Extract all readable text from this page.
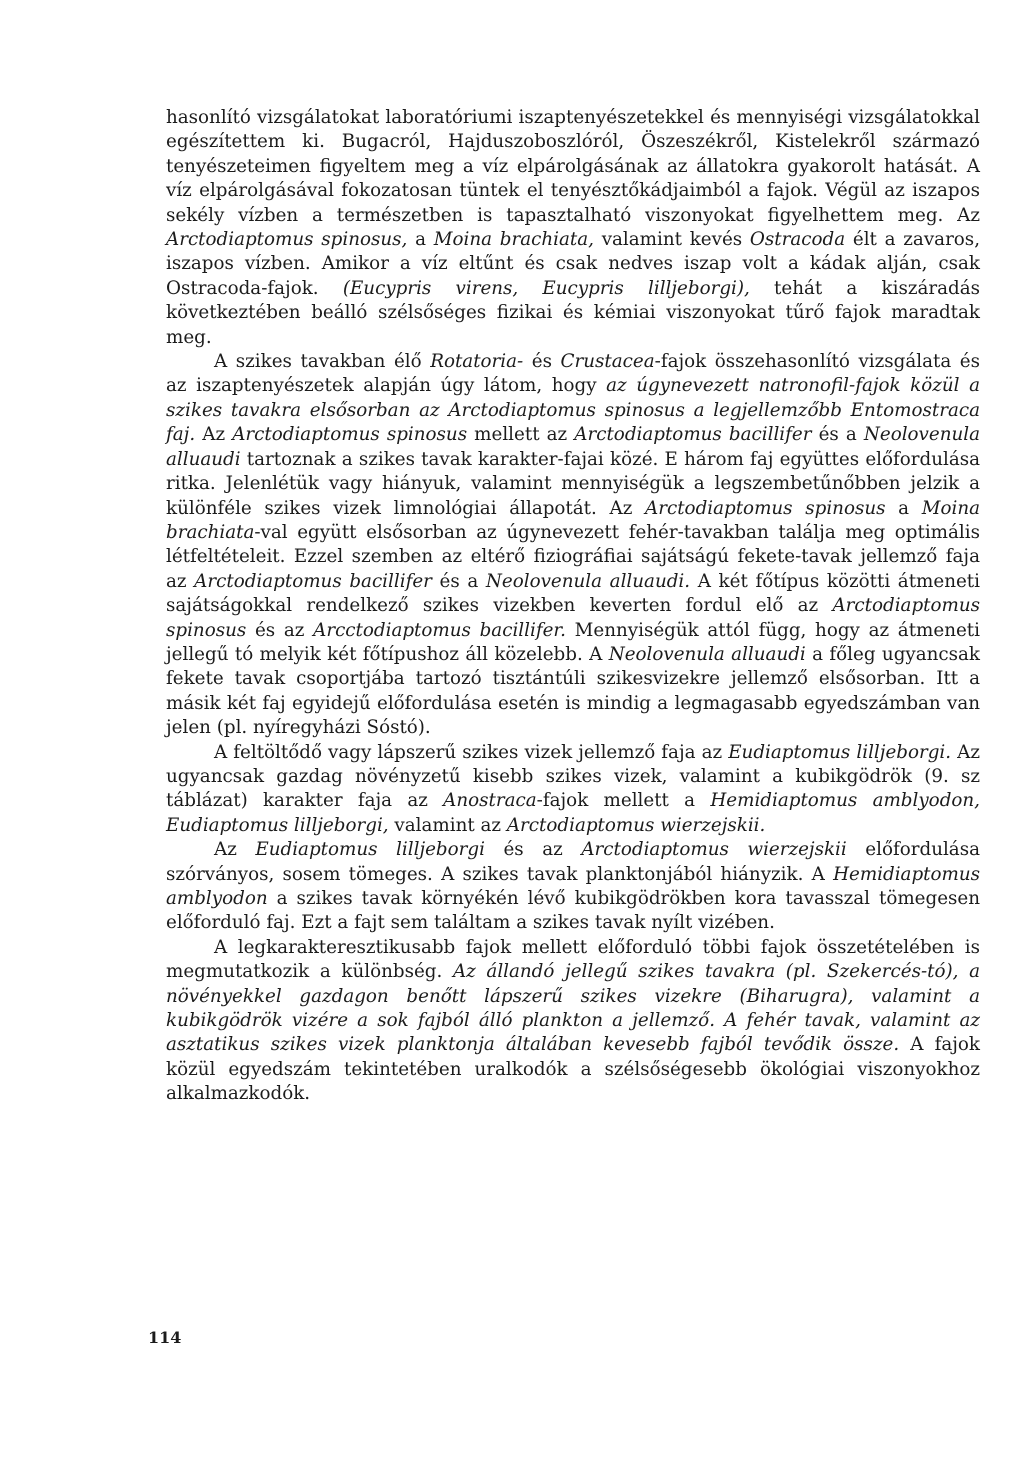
hasonlító vizsgálatokat laboratóriumi iszaptenyészetekkel és mennyiségi vizsgálatokkal egészítettem ki. Bugacról, Hajduszoboszlóról, Öszeszékről, Kistelekről származó tenyészeteimen figyeltem meg a víz elpárolgásának az állatokra gyakorolt hatását. A víz elpárolgásával fokozatosan tüntek el tenyésztőkádjaimból a fajok. Végül az iszapos sekély vízben a természetben is tapasztalható viszonyokat figyelhettem meg. Az Arctodiaptomus spinosus, a Moina brachiata, valamint kevés Ostracoda élt a zavaros, iszapos vízben. Amikor a víz eltűnt és csak nedves iszap volt a kádak alján, csak Ostracoda-fajok. (Eucypris virens, Eucypris lilljeborgi), tehát a kiszáradás következtében beálló szélsőséges fizikai és kémiai viszonyokat tűrő fajok maradtak meg.

A szikes tavakban élő Rotatoria- és Crustacea-fajok összehasonlító vizsgálata és az iszaptenyészetek alapján úgy látom, hogy az úgynevezett natronofil-fajok közül a szikes tavakra elsősorban az Arctodiaptomus spinosus a legjellemzőbb Entomostraca faj. Az Arctodiaptomus spinosus mellett az Arctodiaptomus bacillifer és a Neolovenula alluaudi tartoznak a szikes tavak karakter-fajai közé. E három faj együttes előfordulása ritka. Jelenlétük vagy hiányuk, valamint mennyiségük a legszembetűnőbben jelzik a különféle szikes vizek limnológiai állapotát. Az Arctodiaptomus spinosus a Moina brachiata-val együtt elsősorban az úgynevezett fehér-tavakban találja meg optimális létfeltételeit. Ezzel szemben az eltérő fiziográfiai sajátságú fekete-tavak jellemző faja az Arctodiaptomus bacillifer és a Neolovenula alluaudi. A két főtípus közötti átmeneti sajátságokkal rendelkező szikes vizekben keverten fordul elő az Arctodiaptomus spinosus és az Arcctodiaptomus bacillifer. Mennyiségük attól függ, hogy az átmeneti jellegű tó melyik két főtípushoz áll közelebb. A Neolovenula alluaudi a főleg ugyancsak fekete tavak csoportjába tartozó tisztántúli szikesvizekre jellemző elsősorban. Itt a másik két faj egyidejű előfordulása esetén is mindig a legmagasabb egyedszámban van jelen (pl. nyíregyházi Sóstó).

A feltöltődő vagy lápszerű szikes vizek jellemző faja az Eudiaptomus lilljeborgi. Az ugyancsak gazdag növényzetű kisebb szikes vizek, valamint a kubikgödrök (9. sz táblázat) karakter faja az Anostraca-fajok mellett a Hemidiaptomus amblyodon, Eudiaptomus lilljeborgi, valamint az Arctodiaptomus wierzejskii.

Az Eudiaptomus lilljeborgi és az Arctodiaptomus wierzejskii előfordulása szórványos, sosem tömeges. A szikes tavak planktonjából hiányzik. A Hemidiaptomus amblyodon a szikes tavak környékén lévő kubikgödrökben kora tavasszal tömegesen előforduló faj. Ezt a fajt sem találtam a szikes tavak nyílt vizében.

A legkarakteresztikusabb fajok mellett előforduló többi fajok összetételében is megmutatkozik a különbség. Az állandó jellegű szikes tavakra (pl. Szekercés-tó), a növényekkel gazdagon benőtt lápszerű szikes vizekre (Biharugra), valamint a kubikgödrök vizére a sok fajból álló plankton a jellemző. A fehér tavak, valamint az asztatikus szikes vizek planktonja általában kevesebb fajból tevődik össze. A fajok közül egyedszám tekintetében uralkodók a szélsőségesebb ökológiai viszonyokhoz alkalmazkodók.

114
